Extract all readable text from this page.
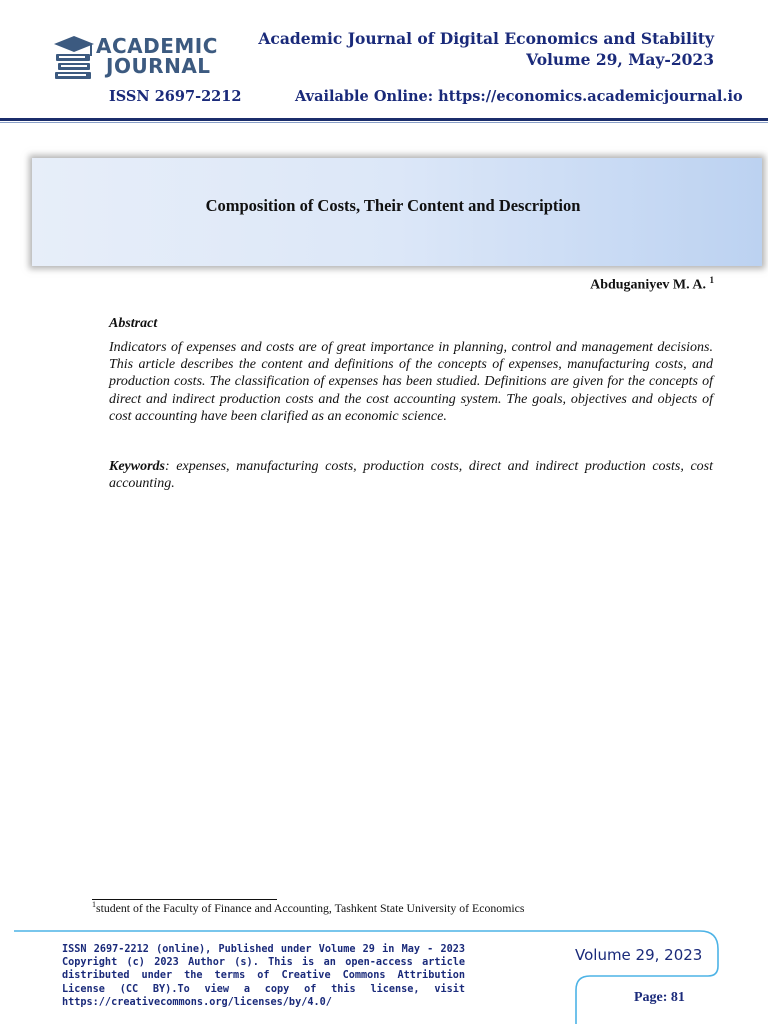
ACADEMIC
JOURNAL
Academic Journal of Digital Economics and Stability
Volume 29, May-2023
ISSN 2697-2212	Available Online: https://economics.academicjournal.io
Composition of Costs, Their Content and Description
Abduganiyev M. A. $^1$
Abstract
Indicators of expenses and costs are of great importance in planning, control and management decisions. This article describes the content and definitions of the concepts of expenses, manufacturing costs, and production costs. The classification of expenses has been studied. Definitions are given for the concepts of direct and indirect production costs and the cost accounting system. The goals, objectives and objects of cost accounting have been clarified as an economic science.
Keywords: expenses, manufacturing costs, production costs, direct and indirect production costs, cost accounting.
$^1$student of the Faculty of Finance and Accounting, Tashkent State University of Economics
ISSN 2697-2212 (online), Published under Volume 29 in May - 2023 Copyright (c) 2023 Author (s). This is an open-access article distributed under the terms of Creative Commons Attribution License (CC BY).To view a copy of this license, visit https://creativecommons.org/licenses/by/4.0/
Volume 29, 2023
Page: 81
